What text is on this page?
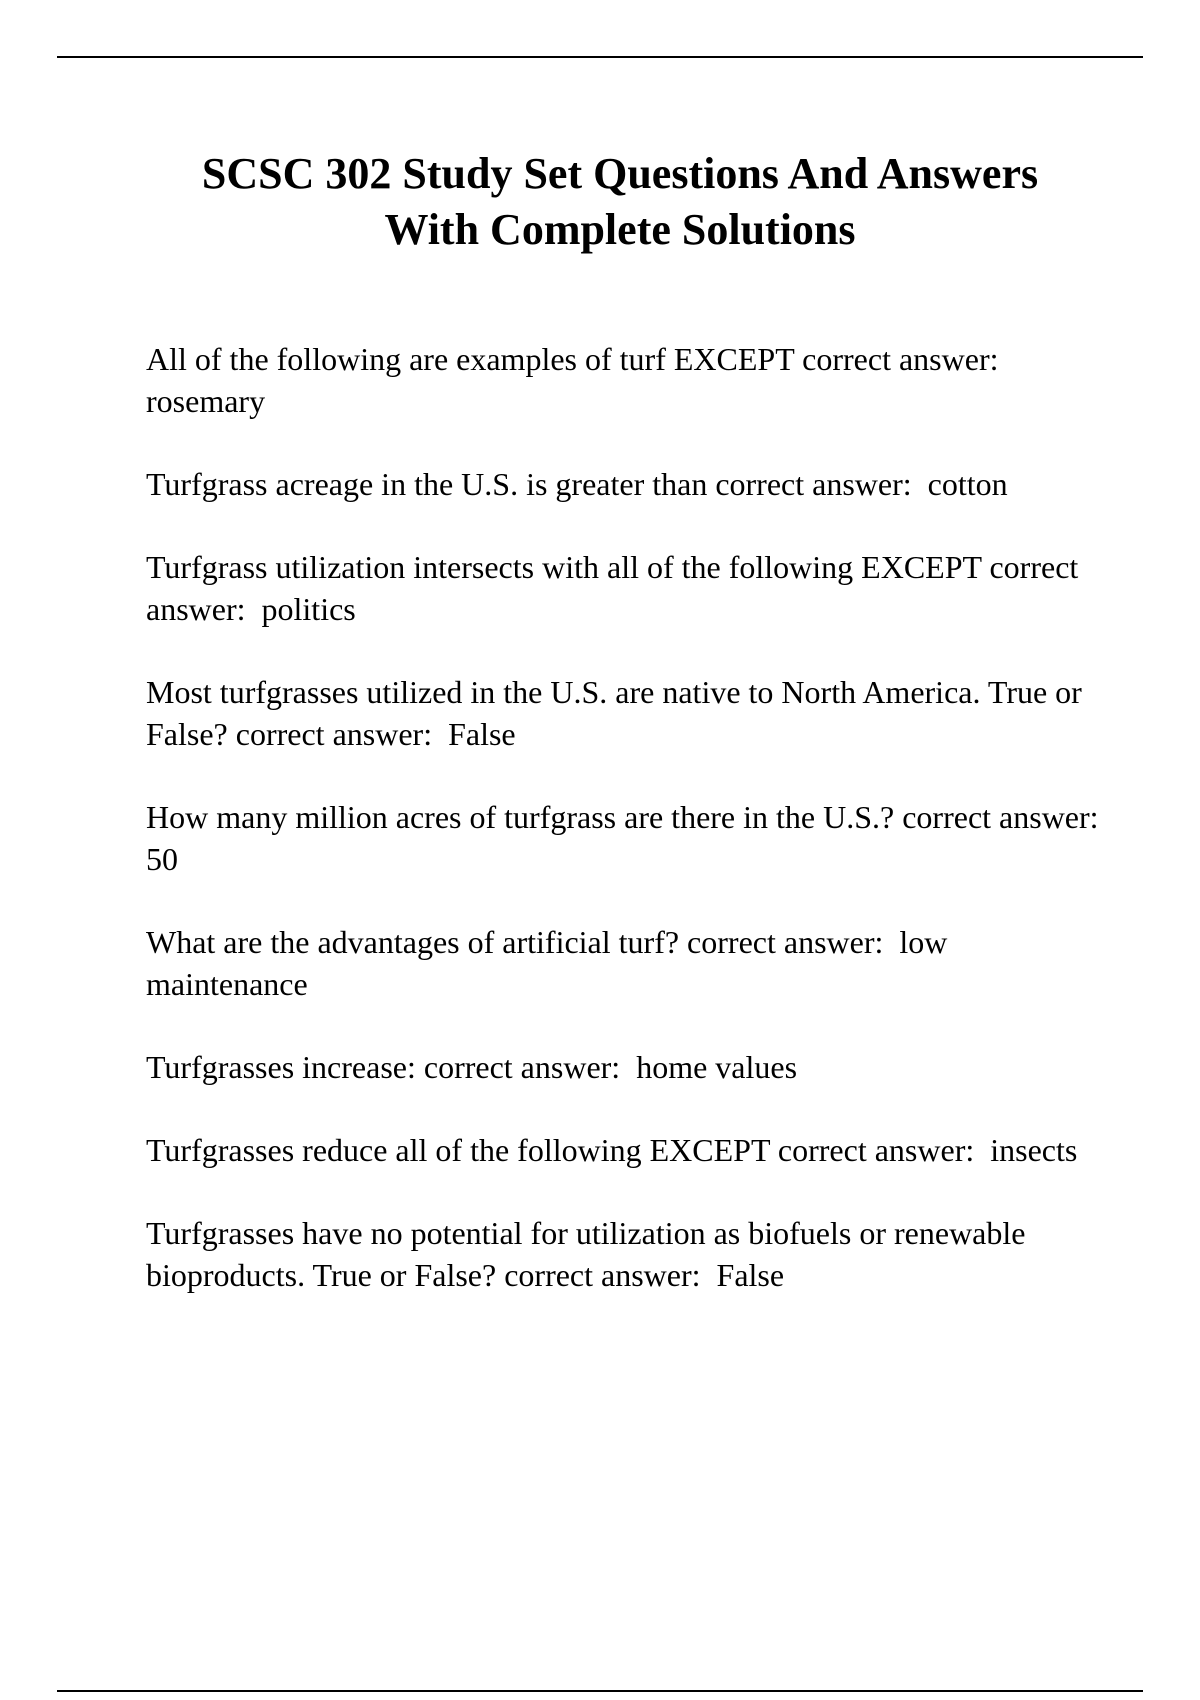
SCSC 302 Study Set Questions And Answers
With Complete Solutions
All of the following are examples of turf EXCEPT correct answer:  rosemary
Turfgrass acreage in the U.S. is greater than correct answer:  cotton
Turfgrass utilization intersects with all of the following EXCEPT correct answer:  politics
Most turfgrasses utilized in the U.S. are native to North America. True or False? correct answer:  False
How many million acres of turfgrass are there in the U.S.? correct answer:  50
What are the advantages of artificial turf? correct answer:  low maintenance
Turfgrasses increase: correct answer:  home values
Turfgrasses reduce all of the following EXCEPT correct answer:  insects
Turfgrasses have no potential for utilization as biofuels or renewable bioproducts. True or False? correct answer:  False
